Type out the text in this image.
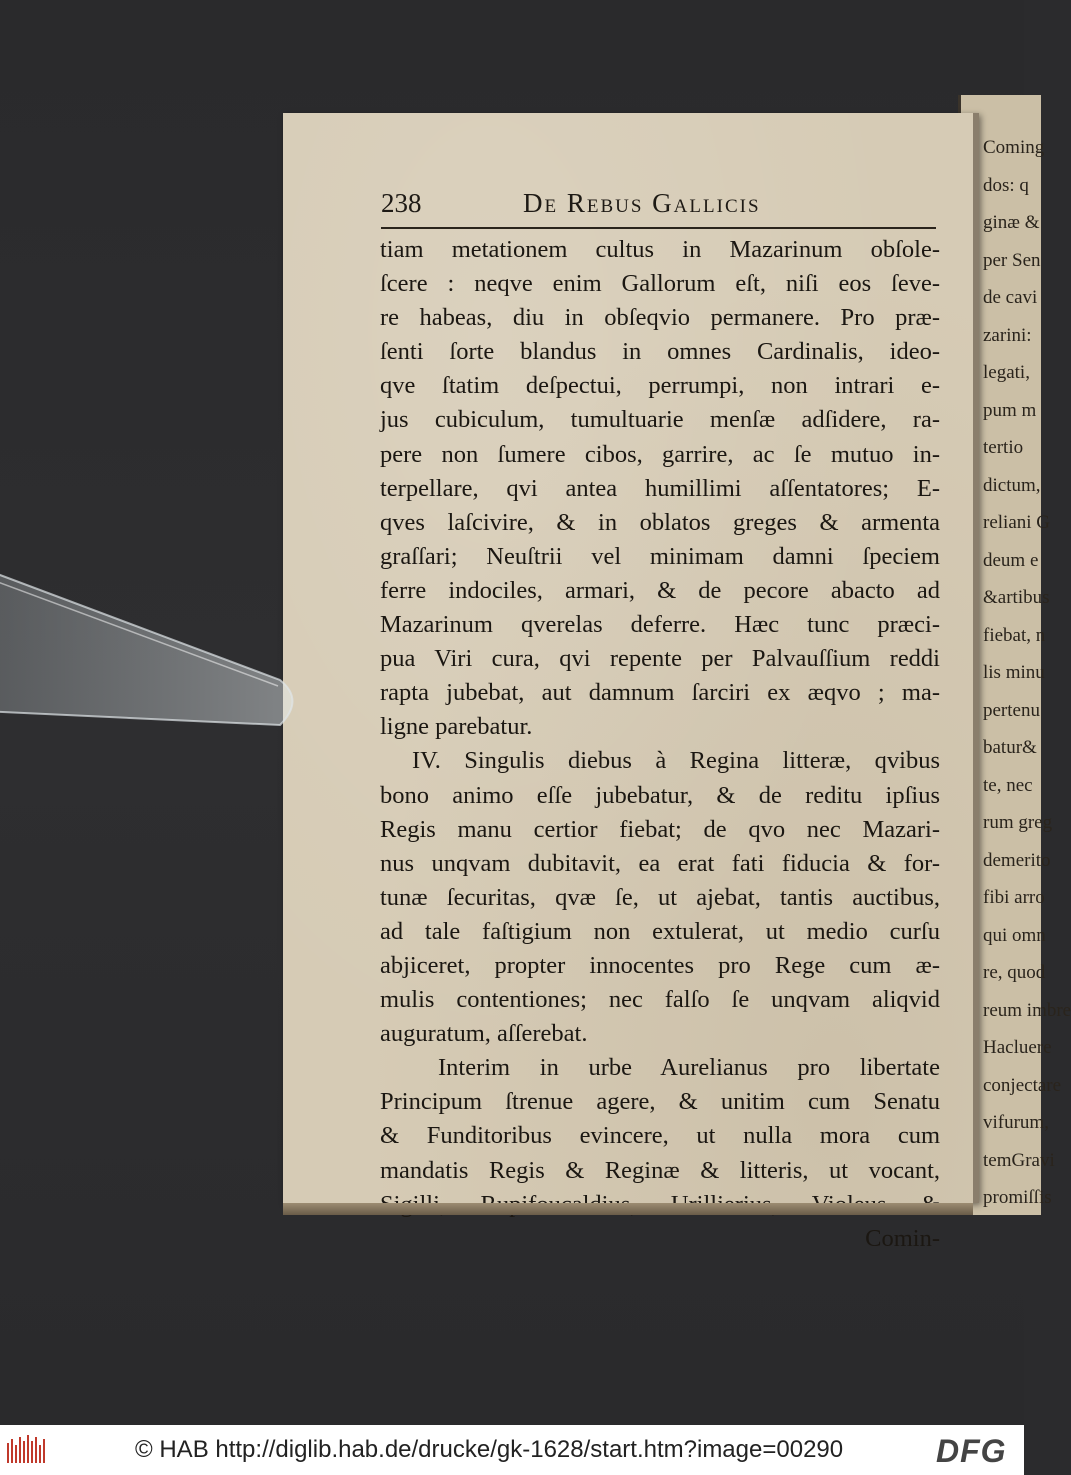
Coming
dos: q
ginæ &
per Sen
de cavi
zarini:
legati,
pum m
tertio
dictum,
reliani G
deum e
&artibus
fiebat, n
lis minu
pertenu
batur&
te, nec
rum greg
demerito
fibi arro
qui omn
re, quod
reum imbre
Hacluere
conjectare
vifurum,
temGravi
promiſſis
238	De Rebus Gallicis
tiam metationem cultus in Mazarinum obſole-
ſcere : neqve enim Gallorum eſt, niſi eos ſeve-
re habeas, diu in obſeqvio permanere. Pro præ-
ſenti ſorte blandus in omnes Cardinalis, ideo-
qve ſtatim deſpectui, perrumpi, non intrari e-
jus cubiculum, tumultuarie menſæ adſidere, ra-
pere non ſumere cibos, garrire, ac ſe mutuo in-
terpellare, qvi antea humillimi aſſentatores; E-
qves laſcivire, & in oblatos greges & armenta
graſſari; Neuſtrii vel minimam damni ſpeciem
ferre indociles, armari, & de pecore abacto ad
Mazarinum qverelas deferre. Hæc tunc præci-
pua Viri cura, qvi repente per Palvauſſium reddi
rapta jubebat, aut damnum ſarciri ex æqvo ; ma-
ligne parebatur.
IV. Singulis diebus à Regina litteræ, qvibus
bono animo eſſe jubebatur, & de reditu ipſius
Regis manu certior fiebat; de qvo nec Mazari-
nus unqvam dubitavit, ea erat fati fiducia & for-
tunæ ſecuritas, qvæ ſe, ut ajebat, tantis auctibus,
ad tale faſtigium non extulerat, ut medio curſu
abjiceret, propter innocentes pro Rege cum æ-
mulis contentiones; nec falſo ſe unqvam aliqvid
auguratum, aſſerebat.
Interim in urbe Aurelianus pro libertate
Principum ſtrenue agere, & unitim cum Senatu
& Funditoribus evincere, ut nulla mora cum
mandatis Regis & Reginæ & litteris, ut vocant,
Comin-
© HAB http://diglib.hab.de/drucke/gk-1628/start.htm?image=00290	DFG
